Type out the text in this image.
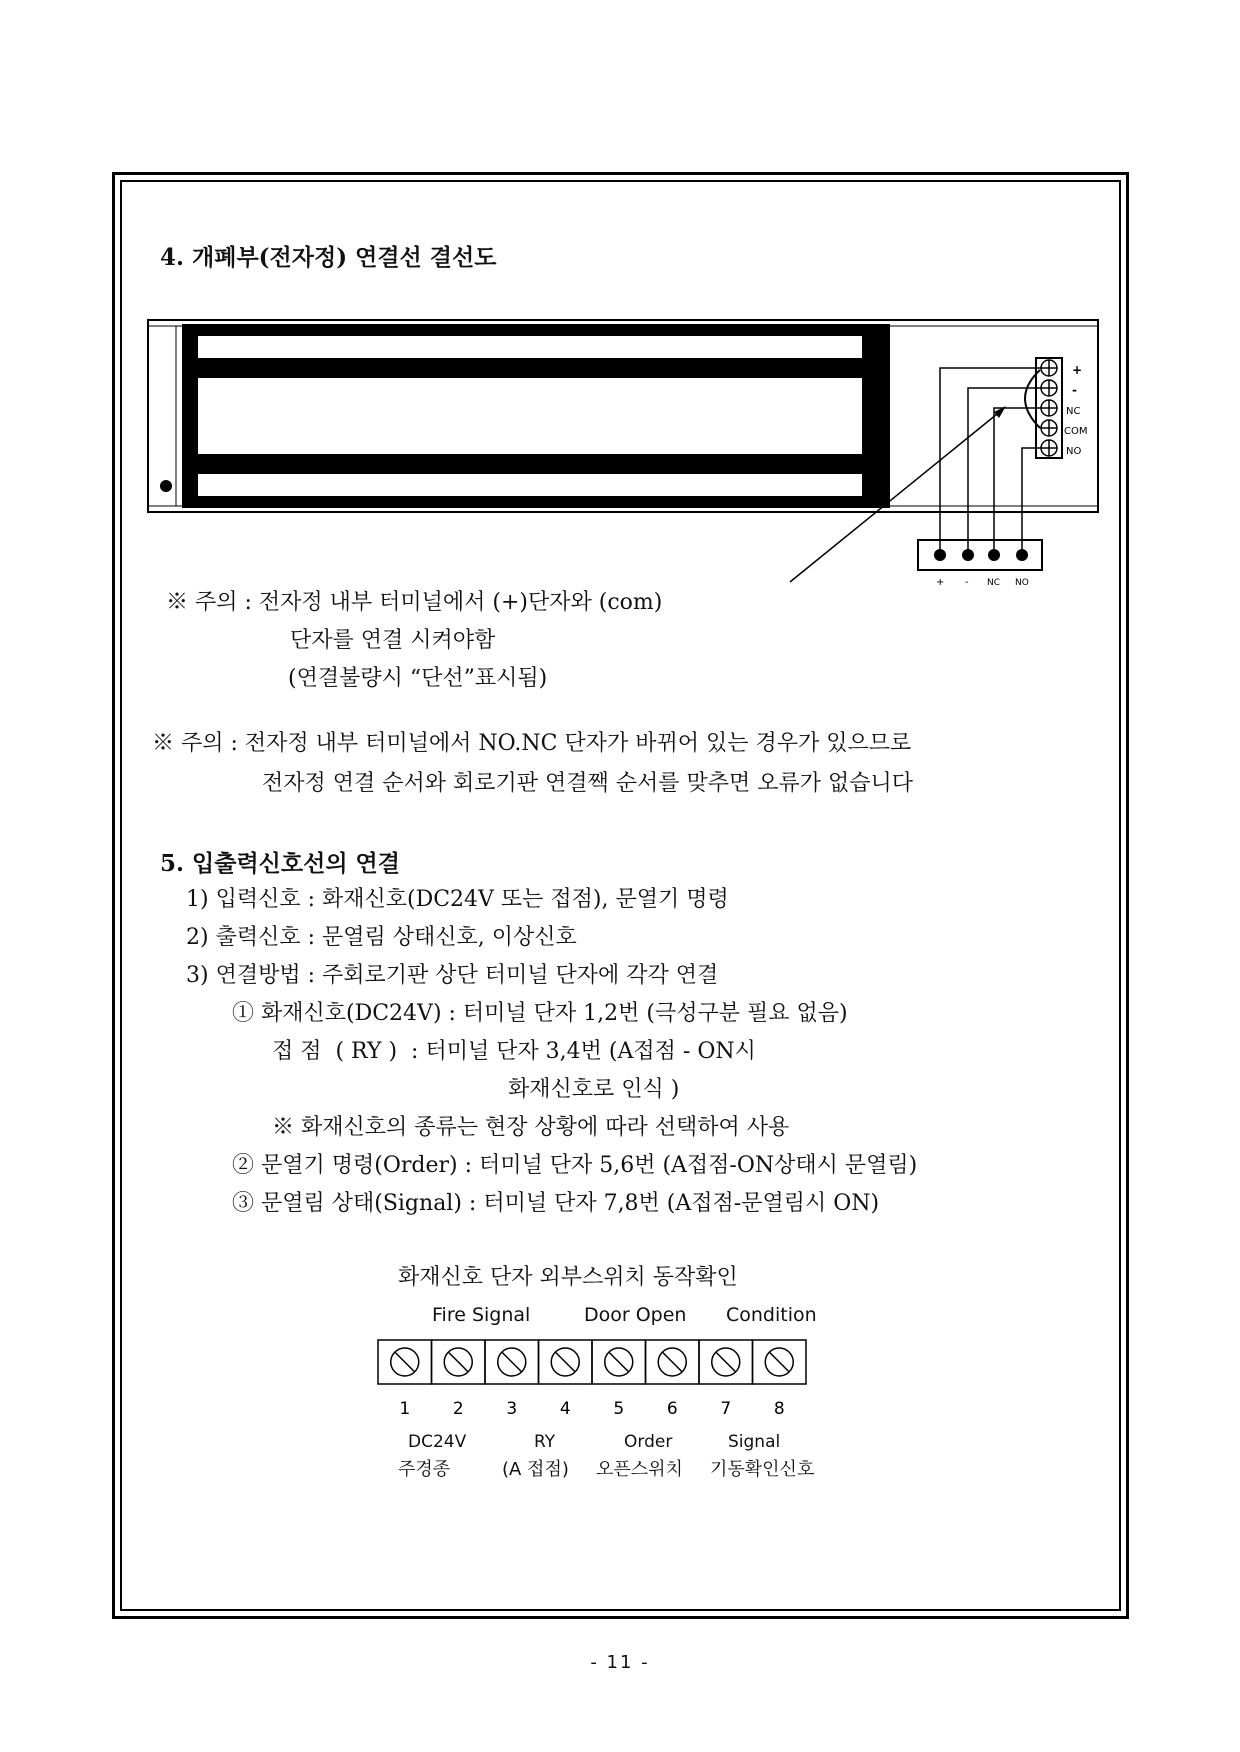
4. 개폐부(전자정) 연결선 결선도
+
-
NC
COM
NO
+ - NC NO
※ 주의 : 전자정 내부 터미널에서 (+)단자와 (com)
단자를 연결 시켜야함
(연결불량시 “단선”표시됨)
※ 주의 : 전자정 내부 터미널에서 NO.NC 단자가 바뀌어 있는 경우가 있으므로
전자정 연결 순서와 회로기판 연결짹 순서를 맞추면 오류가 없습니다
5. 입출력신호선의 연결
1) 입력신호 : 화재신호(DC24V 또는 접점), 문열기 명령
2) 출력신호 : 문열림 상태신호, 이상신호
3) 연결방법 : 주회로기판 상단 터미널 단자에 각각 연결
① 화재신호(DC24V) : 터미널 단자 1,2번 (극성구분 필요 없음)
접 점  ( RY )  : 터미널 단자 3,4번 (A접점 - ON시
화재신호로 인식 )
※ 화재신호의 종류는 현장 상황에 따라 선택하여 사용
② 문열기 명령(Order) : 터미널 단자 5,6번 (A접점-ON상태시 문열림)
③ 문열림 상태(Signal) : 터미널 단자 7,8번 (A접점-문열림시 ON)
화재신호 단자 외부스위치 동작확인
Fire Signal	Door Open Condition
1	2	3	4	5	6	7	8
DC24V	RY	Order	Signal
주경종	(A 접점) 오픈스위치 기동확인신호
- 11 -
